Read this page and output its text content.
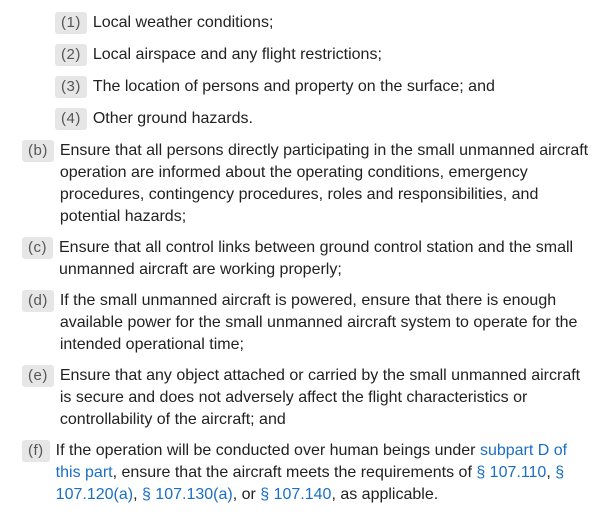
(1) Local weather conditions;
(2) Local airspace and any flight restrictions;
(3) The location of persons and property on the surface; and
(4) Other ground hazards.
(b) Ensure that all persons directly participating in the small unmanned aircraft operation are informed about the operating conditions, emergency procedures, contingency procedures, roles and responsibilities, and potential hazards;
(c) Ensure that all control links between ground control station and the small unmanned aircraft are working properly;
(d) If the small unmanned aircraft is powered, ensure that there is enough available power for the small unmanned aircraft system to operate for the intended operational time;
(e) Ensure that any object attached or carried by the small unmanned aircraft is secure and does not adversely affect the flight characteristics or controllability of the aircraft; and
(f) If the operation will be conducted over human beings under subpart D of this part, ensure that the aircraft meets the requirements of § 107.110, § 107.120(a), § 107.130(a), or § 107.140, as applicable.
